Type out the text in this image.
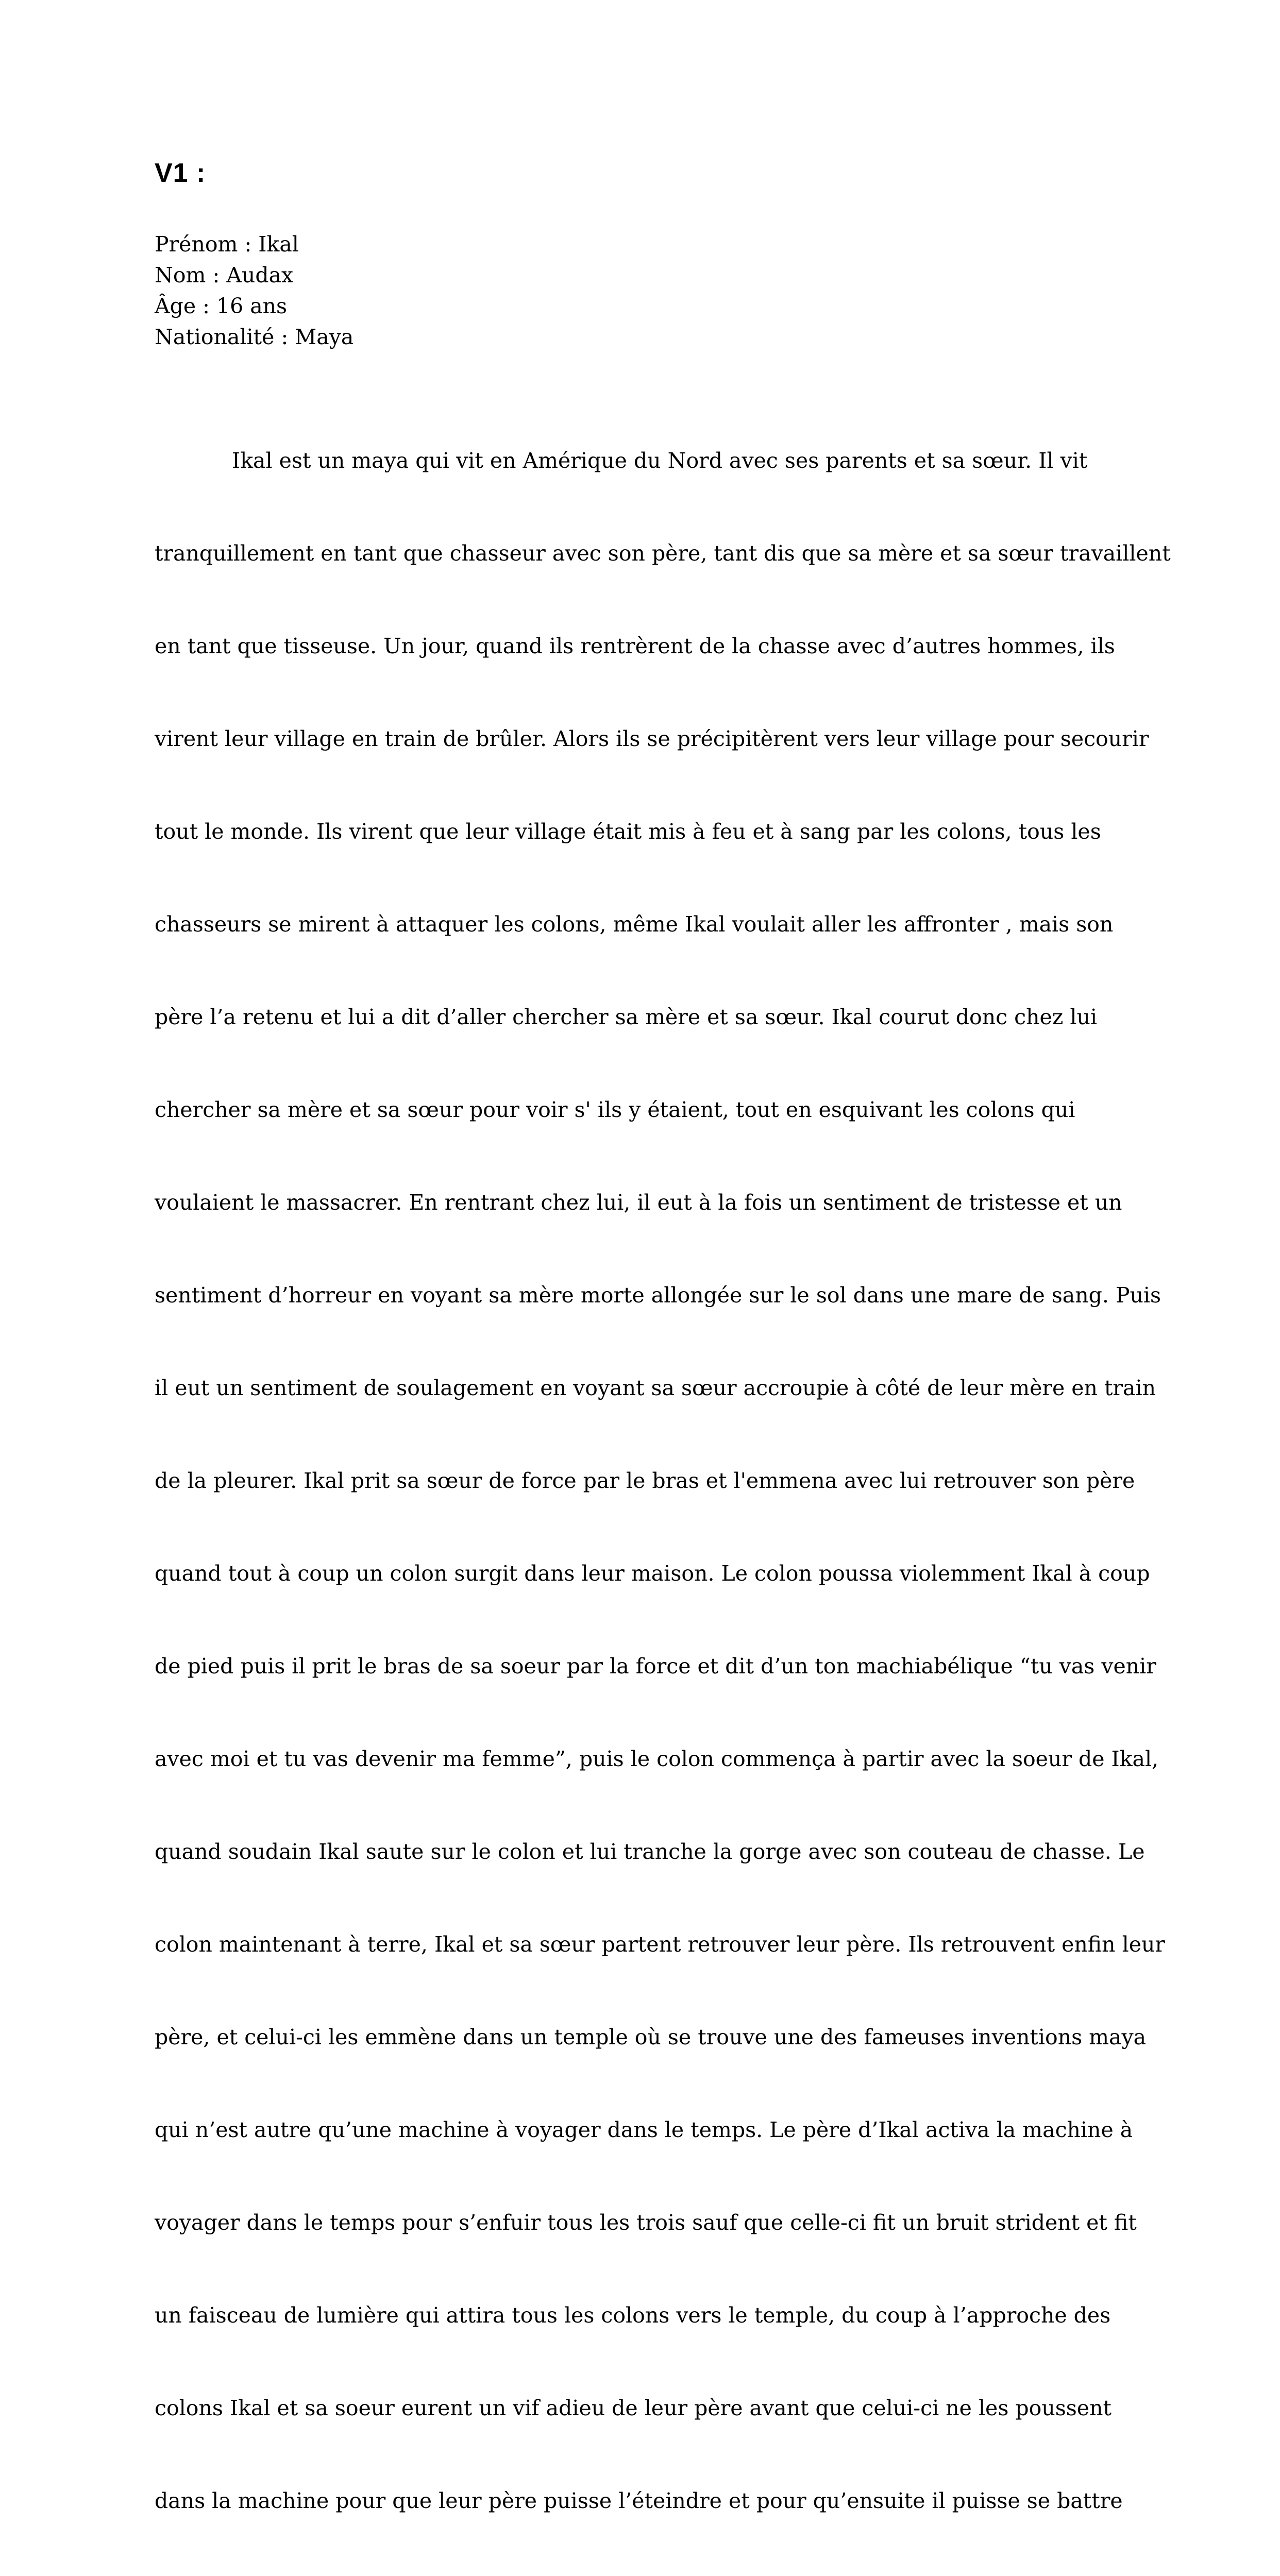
V1 :
Prénom : Ikal
Nom : Audax
Âge : 16 ans
Nationalité : Maya

Ikal est un maya qui vit en Amérique du Nord avec ses parents et sa sœur. Il vit

tranquillement en tant que chasseur avec son père, tant dis que sa mère et sa sœur travaillent

en tant que tisseuse. Un jour, quand ils rentrèrent de la chasse avec d’autres hommes, ils

virent leur village en train de brûler. Alors ils se précipitèrent vers leur village pour secourir

tout le monde. Ils virent que leur village était mis à feu et à sang par les colons, tous les

chasseurs se mirent à attaquer les colons, même Ikal voulait aller les affronter , mais son

père l’a retenu et lui a dit d’aller chercher sa mère et sa sœur. Ikal courut donc chez lui

chercher sa mère et sa sœur pour voir s' ils y étaient, tout en esquivant les colons qui

voulaient le massacrer. En rentrant chez lui, il eut à la fois un sentiment de tristesse et un

sentiment d’horreur en voyant sa mère morte allongée sur le sol dans une mare de sang. Puis

il eut un sentiment de soulagement en voyant sa sœur accroupie à côté de leur mère en train

de la pleurer. Ikal prit sa sœur de force par le bras et l'emmena avec lui retrouver son père

quand tout à coup un colon surgit dans leur maison. Le colon poussa violemment Ikal à coup

de pied puis il prit le bras de sa soeur par la force et dit d’un ton machiabélique “tu vas venir

avec moi et tu vas devenir ma femme”, puis le colon commença à partir avec la soeur de Ikal,

quand soudain Ikal saute sur le colon et lui tranche la gorge avec son couteau de chasse. Le

colon maintenant à terre, Ikal et sa sœur partent retrouver leur père. Ils retrouvent enfin leur

père, et celui-ci les emmène dans un temple où se trouve une des fameuses inventions maya

qui n’est autre qu’une machine à voyager dans le temps. Le père d’Ikal activa la machine à

voyager dans le temps pour s’enfuir tous les trois sauf que celle-ci fit un bruit strident et fit

un faisceau de lumière qui attira tous les colons vers le temple, du coup à l’approche des

colons Ikal et sa soeur eurent un vif adieu de leur père avant que celui-ci ne les poussent

dans la machine pour que leur père puisse l’éteindre et pour qu’ensuite il puisse se battre
